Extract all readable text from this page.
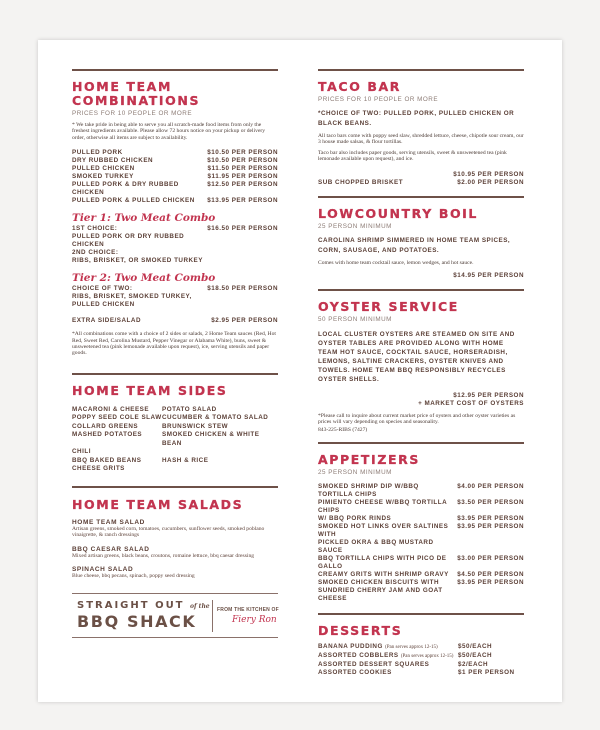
HOME TEAM COMBINATIONS
PRICES FOR 10 PEOPLE OR MORE
* We take pride in being able to serve you all scratch-made food items from only the freshest ingredients available. Please allow 72 hours notice on your pickup or delivery order, otherwise all items are subject to availability.
PULLED PORK	$10.50 PER PERSON
DRY RUBBED CHICKEN	$10.50 PER PERSON
PULLED CHICKEN	$11.50 PER PERSON
SMOKED TURKEY	$11.95 PER PERSON
PULLED PORK & DRY RUBBED CHICKEN
$12.50 PER PERSON
PULLED PORK & PULLED CHICKEN	$13.95 PER PERSON
Tier 1: Two Meat Combo
1ST CHOICE:	$16.50 PER PERSON
PULLED PORK OR DRY RUBBED CHICKEN
2ND CHOICE:
RIBS, BRISKET, OR SMOKED TURKEY
Tier 2: Two Meat Combo
CHOICE OF TWO:	$18.50 PER PERSON
RIBS, BRISKET, SMOKED TURKEY,
PULLED CHICKEN
EXTRA SIDE/SALAD	$2.95 PER PERSON
*All combinations come with a choice of 2 sides or salads, 2 Home Team sauces (Red, Hot Red, Sweet Red, Carolina Mustard, Pepper Vinegar or Alabama White), buns, sweet & unsweetened tea (pink lemonade available upon request), ice, serving utensils and paper goods.
HOME TEAM SIDES
MACARONI & CHEESE	POTATO SALAD
POPPY SEED COLE SLAW CUCUMBER & TOMATO SALAD
COLLARD GREENS	BRUNSWICK STEW
MASHED POTATOES	SMOKED CHICKEN & WHITE BEAN
CHILI
BBQ BAKED BEANS	HASH & RICE
CHEESE GRITS
HOME TEAM SALADS
HOME TEAM SALAD
Artisan greens, smoked corn, tomatoes, cucumbers, sunflower seeds, smoked poblano vinaigrette, & ranch dressings
BBQ CAESAR SALAD
Mixed artisan greens, black beans, croutons, romaine lettuce, bbq caesar dressing
SPINACH SALAD
Blue cheese, bbq pecans, spinach, poppy seed dressing
STRAIGHT OUT of the
BBQ SHACK
FROM THE KITCHEN OF
Fiery Ron
TACO BAR
PRICES FOR 10 PEOPLE OR MORE
*CHOICE OF TWO: PULLED PORK, PULLED CHICKEN OR BLACK BEANS.
All taco bars come with poppy seed slaw, shredded lettuce, cheese, chipotle sour cream, our 3 house made salsas, & flour tortillas.
Taco bar also includes paper goods, serving utensils, sweet & unsweetened tea (pink lemonade available upon request), and ice.
$10.95 PER PERSON
SUB CHOPPED BRISKET	$2.00 PER PERSON
LOWCOUNTRY BOIL
25 PERSON MINIMUM
CAROLINA SHRIMP SIMMERED IN HOME TEAM SPICES, CORN, SAUSAGE, AND POTATOES.
Comes with home team cocktail sauce, lemon wedges, and hot sauce.
$14.95 PER PERSON
OYSTER SERVICE
50 PERSON MINIMUM
LOCAL CLUSTER OYSTERS ARE STEAMED ON SITE AND OYSTER TABLES ARE PROVIDED ALONG WITH HOME TEAM HOT SAUCE, COCKTAIL SAUCE, HORSERADISH, LEMONS, SALTINE CRACKERS, OYSTER KNIVES AND TOWELS. HOME TEAM BBQ RESPONSIBLY RECYCLES OYSTER SHELLS.
$12.95 PER PERSON
+ MARKET COST OF OYSTERS
*Please call to inquire about current market price of oysters and other oyster varieties as prices will vary depending on species and seasonality.
843-225-RIBS (7427)
APPETIZERS
25 PERSON MINIMUM
SMOKED SHRIMP DIP W/BBQ TORTILLA CHIPS
$4.00 PER PERSON
PIMIENTO CHEESE W/BBQ TORTILLA CHIPS
$3.50 PER PERSON
W/ BBQ PORK RINDS	$3.95 PER PERSON
SMOKED HOT LINKS OVER SALTINES WITH
$3.95 PER PERSON
PICKLED OKRA & BBQ MUSTARD SAUCE
BBQ TORTILLA CHIPS WITH PICO DE GALLO
$3.00 PER PERSON
CREAMY GRITS WITH SHRIMP GRAVY	$4.50 PER PERSON
SMOKED CHICKEN BISCUITS WITH	$3.95 PER PERSON
SUNDRIED CHERRY JAM AND GOAT CHEESE
DESSERTS
BANANA PUDDING (Pan serves approx 12-15)	$50/EACH
ASSORTED COBBLERS (Pan serves approx 12-15) $50/EACH
ASSORTED DESSERT SQUARES	$2/EACH
ASSORTED COOKIES	$1 PER PERSON
